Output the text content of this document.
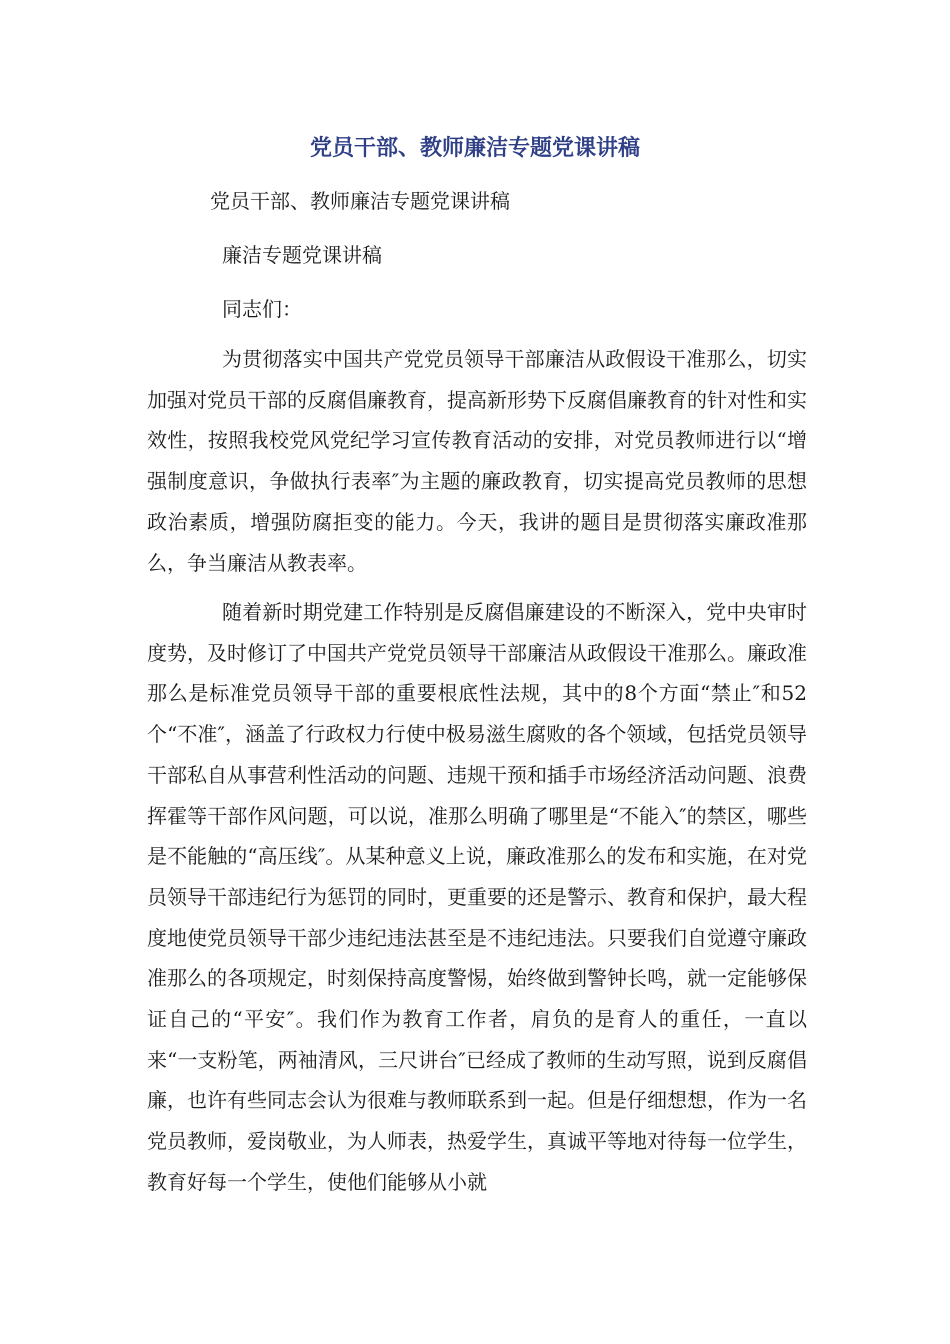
党员干部、教师廉洁专题党课讲稿

党员干部、教师廉洁专题党课讲稿

廉洁专题党课讲稿

同志们：

为贯彻落实中国共产党党员领导干部廉洁从政假设干准那么，切实加强对党员干部的反腐倡廉教育，提高新形势下反腐倡廉教育的针对性和实效性，按照我校党风党纪学习宣传教育活动的安排，对党员教师进行以“增强制度意识，争做执行表率″为主题的廉政教育，切实提高党员教师的思想政治素质，增强防腐拒变的能力。今天，我讲的题目是贯彻落实廉政准那么，争当廉洁从教表率。

随着新时期党建工作特别是反腐倡廉建设的不断深入，党中央审时度势，及时修订了中国共产党党员领导干部廉洁从政假设干准那么。廉政准那么是标准党员领导干部的重要根底性法规，其中的8个方面“禁止″和52个“不准″，涵盖了行政权力行使中极易滋生腐败的各个领域，包括党员领导干部私自从事营利性活动的问题、违规干预和插手市场经济活动问题、浪费挥霍等干部作风问题，可以说，准那么明确了哪里是“不能入″的禁区，哪些是不能触的“高压线″。从某种意义上说，廉政准那么的发布和实施，在对党员领导干部违纪行为惩罚的同时，更重要的还是警示、教育和保护，最大程度地使党员领导干部少违纪违法甚至是不违纪违法。只要我们自觉遵守廉政准那么的各项规定，时刻保持高度警惕，始终做到警钟长鸣，就一定能够保证自己的“平安″。我们作为教育工作者，肩负的是育人的重任，一直以来“一支粉笔，两袖清风，三尺讲台″已经成了教师的生动写照，说到反腐倡廉，也许有些同志会认为很难与教师联系到一起。但是仔细想想，作为一名党员教师，爱岗敬业，为人师表，热爱学生，真诚平等地对待每一位学生，教育好每一个学生，使他们能够从小就
